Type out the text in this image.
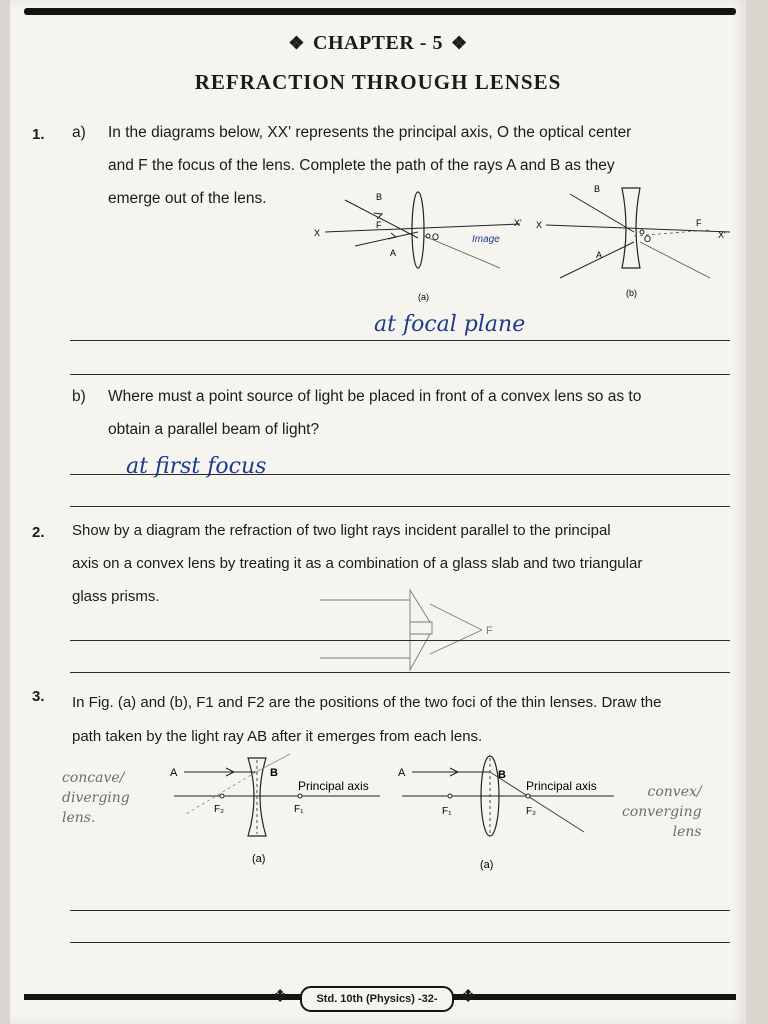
❖ CHAPTER - 5 ❖
REFRACTION THROUGH LENSES
1. a) In the diagrams below, XX' represents the principal axis, O the optical center
and F the focus of the lens. Complete the path of the rays A and B as they
emerge out of the lens.	B
F
A
O
X
X'
Image
(a)
B
F
A
O
X
X'
(b)
at focal plane
b) Where must a point source of light be placed in front of a convex lens so as to
obtain a parallel beam of light?
at first focus
2. Show by a diagram the refraction of two light rays incident parallel to the principal
axis on a convex lens by treating it as a combination of a glass slab and two triangular
glass prisms.
F
3. In Fig. (a) and (b), F1 and F2 are the positions of the two foci of the thin lenses. Draw the
path taken by the light ray AB after it emerges from each lens.
A	B
Principal axis
F₂	F₁
(a)
A	B
Principal axis
F₁	F₂
(a)
concave/
diverging
lens.
convex/
converging
lens
❖	Std. 10th (Physics) -32-	❖
